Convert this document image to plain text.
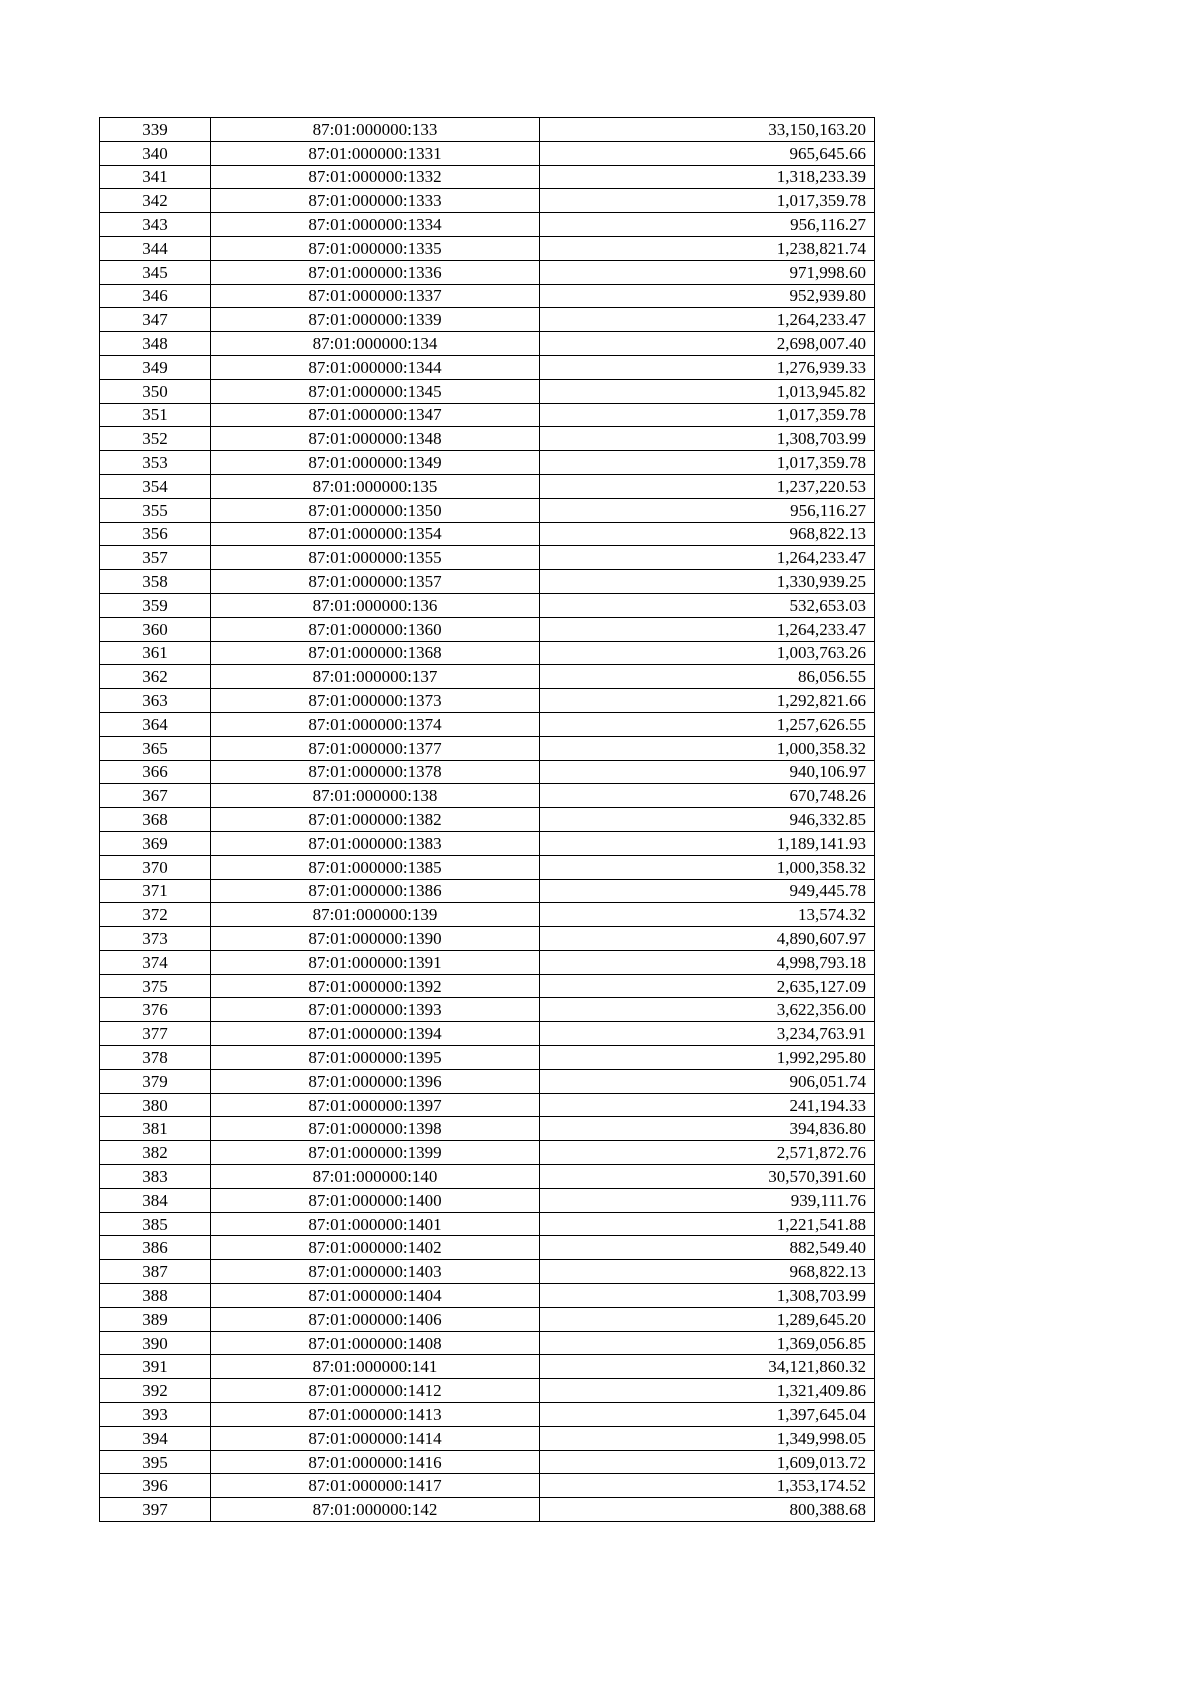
339	87:01:000000:133	33,150,163.20
340	87:01:000000:1331	965,645.66
341	87:01:000000:1332	1,318,233.39
342	87:01:000000:1333	1,017,359.78
343	87:01:000000:1334	956,116.27
344	87:01:000000:1335	1,238,821.74
345	87:01:000000:1336	971,998.60
346	87:01:000000:1337	952,939.80
347	87:01:000000:1339	1,264,233.47
348	87:01:000000:134	2,698,007.40
349	87:01:000000:1344	1,276,939.33
350	87:01:000000:1345	1,013,945.82
351	87:01:000000:1347	1,017,359.78
352	87:01:000000:1348	1,308,703.99
353	87:01:000000:1349	1,017,359.78
354	87:01:000000:135	1,237,220.53
355	87:01:000000:1350	956,116.27
356	87:01:000000:1354	968,822.13
357	87:01:000000:1355	1,264,233.47
358	87:01:000000:1357	1,330,939.25
359	87:01:000000:136	532,653.03
360	87:01:000000:1360	1,264,233.47
361	87:01:000000:1368	1,003,763.26
362	87:01:000000:137	86,056.55
363	87:01:000000:1373	1,292,821.66
364	87:01:000000:1374	1,257,626.55
365	87:01:000000:1377	1,000,358.32
366	87:01:000000:1378	940,106.97
367	87:01:000000:138	670,748.26
368	87:01:000000:1382	946,332.85
369	87:01:000000:1383	1,189,141.93
370	87:01:000000:1385	1,000,358.32
371	87:01:000000:1386	949,445.78
372	87:01:000000:139	13,574.32
373	87:01:000000:1390	4,890,607.97
374	87:01:000000:1391	4,998,793.18
375	87:01:000000:1392	2,635,127.09
376	87:01:000000:1393	3,622,356.00
377	87:01:000000:1394	3,234,763.91
378	87:01:000000:1395	1,992,295.80
379	87:01:000000:1396	906,051.74
380	87:01:000000:1397	241,194.33
381	87:01:000000:1398	394,836.80
382	87:01:000000:1399	2,571,872.76
383	87:01:000000:140	30,570,391.60
384	87:01:000000:1400	939,111.76
385	87:01:000000:1401	1,221,541.88
386	87:01:000000:1402	882,549.40
387	87:01:000000:1403	968,822.13
388	87:01:000000:1404	1,308,703.99
389	87:01:000000:1406	1,289,645.20
390	87:01:000000:1408	1,369,056.85
391	87:01:000000:141	34,121,860.32
392	87:01:000000:1412	1,321,409.86
393	87:01:000000:1413	1,397,645.04
394	87:01:000000:1414	1,349,998.05
395	87:01:000000:1416	1,609,013.72
396	87:01:000000:1417	1,353,174.52
397	87:01:000000:142	800,388.68
